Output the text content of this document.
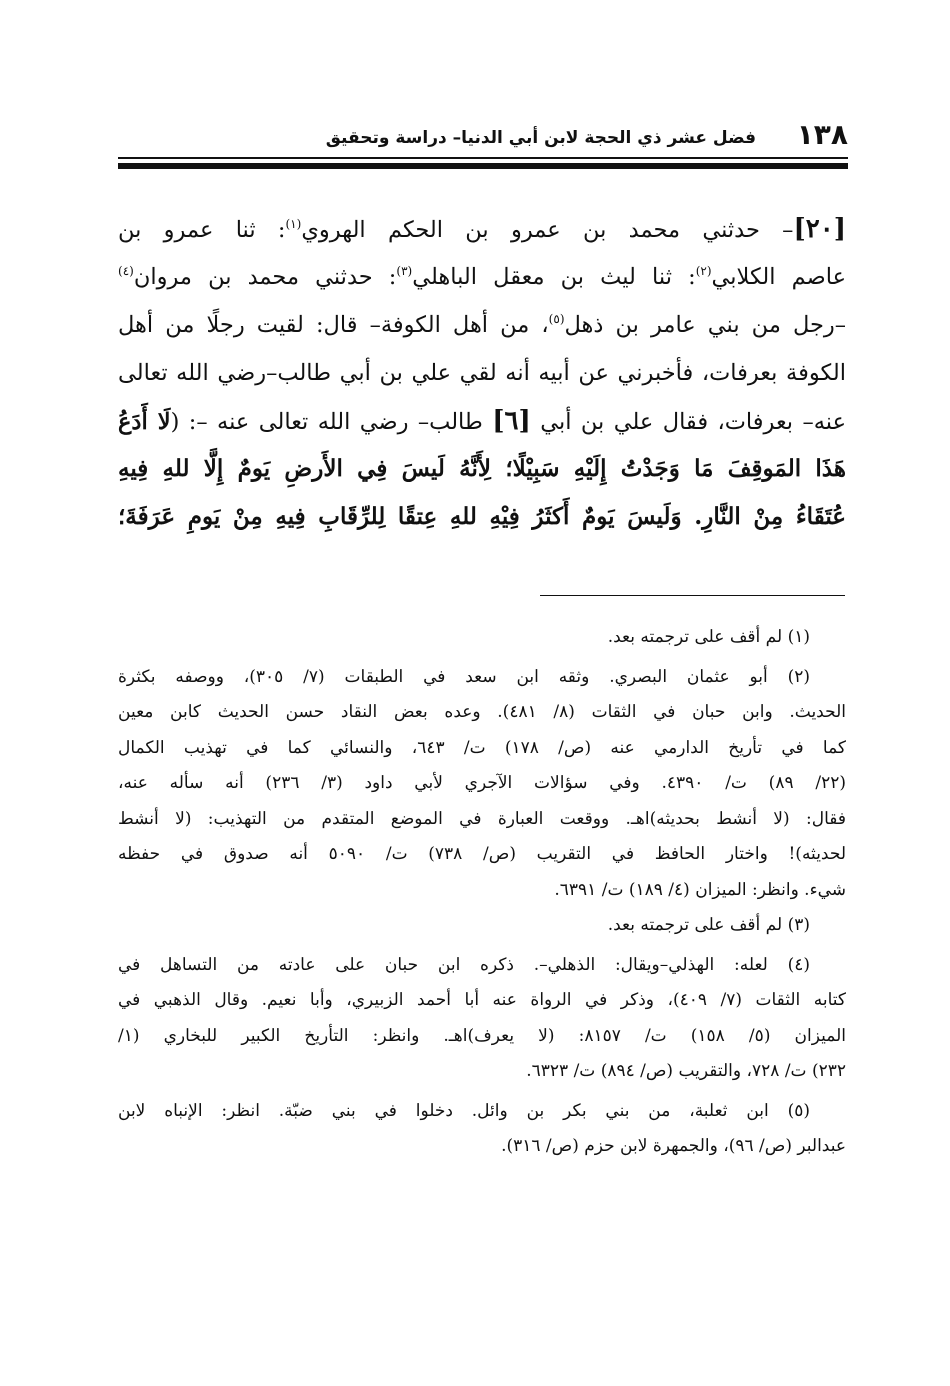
١٣٨
فضل عشر ذي الحجة لابن أبي الدنيا– دراسة وتحقيق
[٢٠]– حدثني محمد بن عمرو بن الحكم الهروي$^{(١)}$: ثنا عمرو بن
عاصم الكلابي$^{(٢)}$: ثنا ليث بن معقل الباهلي$^{(٣)}$: حدثني محمد بن مروان$^{(٤)}$
–رجل من بني عامر بن ذهل$^{(٥)}$، من أهل الكوفة– قال: لقيت رجلًا من أهل
الكوفة بعرفات، فأخبرني عن أبيه أنه لقي علي بن أبي طالب–رضي الله تعالى
عنه– بعرفات، فقال علي بن أبي [٦] طالب– رضي الله تعالى عنه –: (لَا أَدَعُ
هَذَا المَوقِفَ مَا وَجَدْتُ إِلَيْهِ سَبِيْلًا؛ لِأَنَّهُ لَيسَ فِي الأَرضِ يَومٌ إِلَّا للهِ فِيهِ
عُتَقَاءُ مِنْ النَّارِ. وَلَيسَ يَومٌ أَكثَرُ فِيْهِ للهِ عِتقًا لِلرِّقَابِ فِيهِ مِنْ يَومِ عَرَفَةَ؛
(١) لم أقف على ترجمته بعد.
(٢) أبو عثمان البصري. وثقه ابن سعد في الطبقات (٧/ ٣٠٥)، ووصفه بكثرة
الحديث. وابن حبان في الثقات (٨/ ٤٨١). وعده بعض النقاد حسن الحديث كابن معين
كما في تأريخ الدارمي عنه (ص/ ١٧٨) ت/ ٦٤٣، والنسائي كما في تهذيب الكمال
(٢٢/ ٨٩) ت/ ٤٣٩٠. وفي سؤالات الآجري لأبي داود (٣/ ٢٣٦) أنه سأله عنه،
فقال: (لا أنشط بحديثه)اهـ. ووقعت العبارة في الموضع المتقدم من التهذيب: (لا أنشط
لحديثه)! واختار الحافظ في التقريب (ص/ ٧٣٨) ت/ ٥٠٩٠ أنه صدوق في حفظه
شيء. وانظر: الميزان (٤/ ١٨٩) ت/ ٦٣٩١.
(٣) لم أقف على ترجمته بعد.
(٤) لعله: الهذلي–ويقال: الذهلي–. ذكره ابن حبان على عادته من التساهل في
كتابه الثقات (٧/ ٤٠٩)، وذكر في الرواة عنه أبا أحمد الزبيري، وأبا نعيم. وقال الذهبي في
الميزان (٥/ ١٥٨) ت/ ٨١٥٧: (لا يعرف)اهـ. وانظر: التأريخ الكبير للبخاري (١/
٢٣٢) ت/ ٧٢٨، والتقريب (ص/ ٨٩٤) ت/ ٦٣٢٣.
(٥) ابن ثعلبة، من بني بكر بن وائل. دخلوا في بني ضبّة. انظر: الإنباه لابن
عبدالبر (ص/ ٩٦)، والجمهرة لابن حزم (ص/ ٣١٦).
